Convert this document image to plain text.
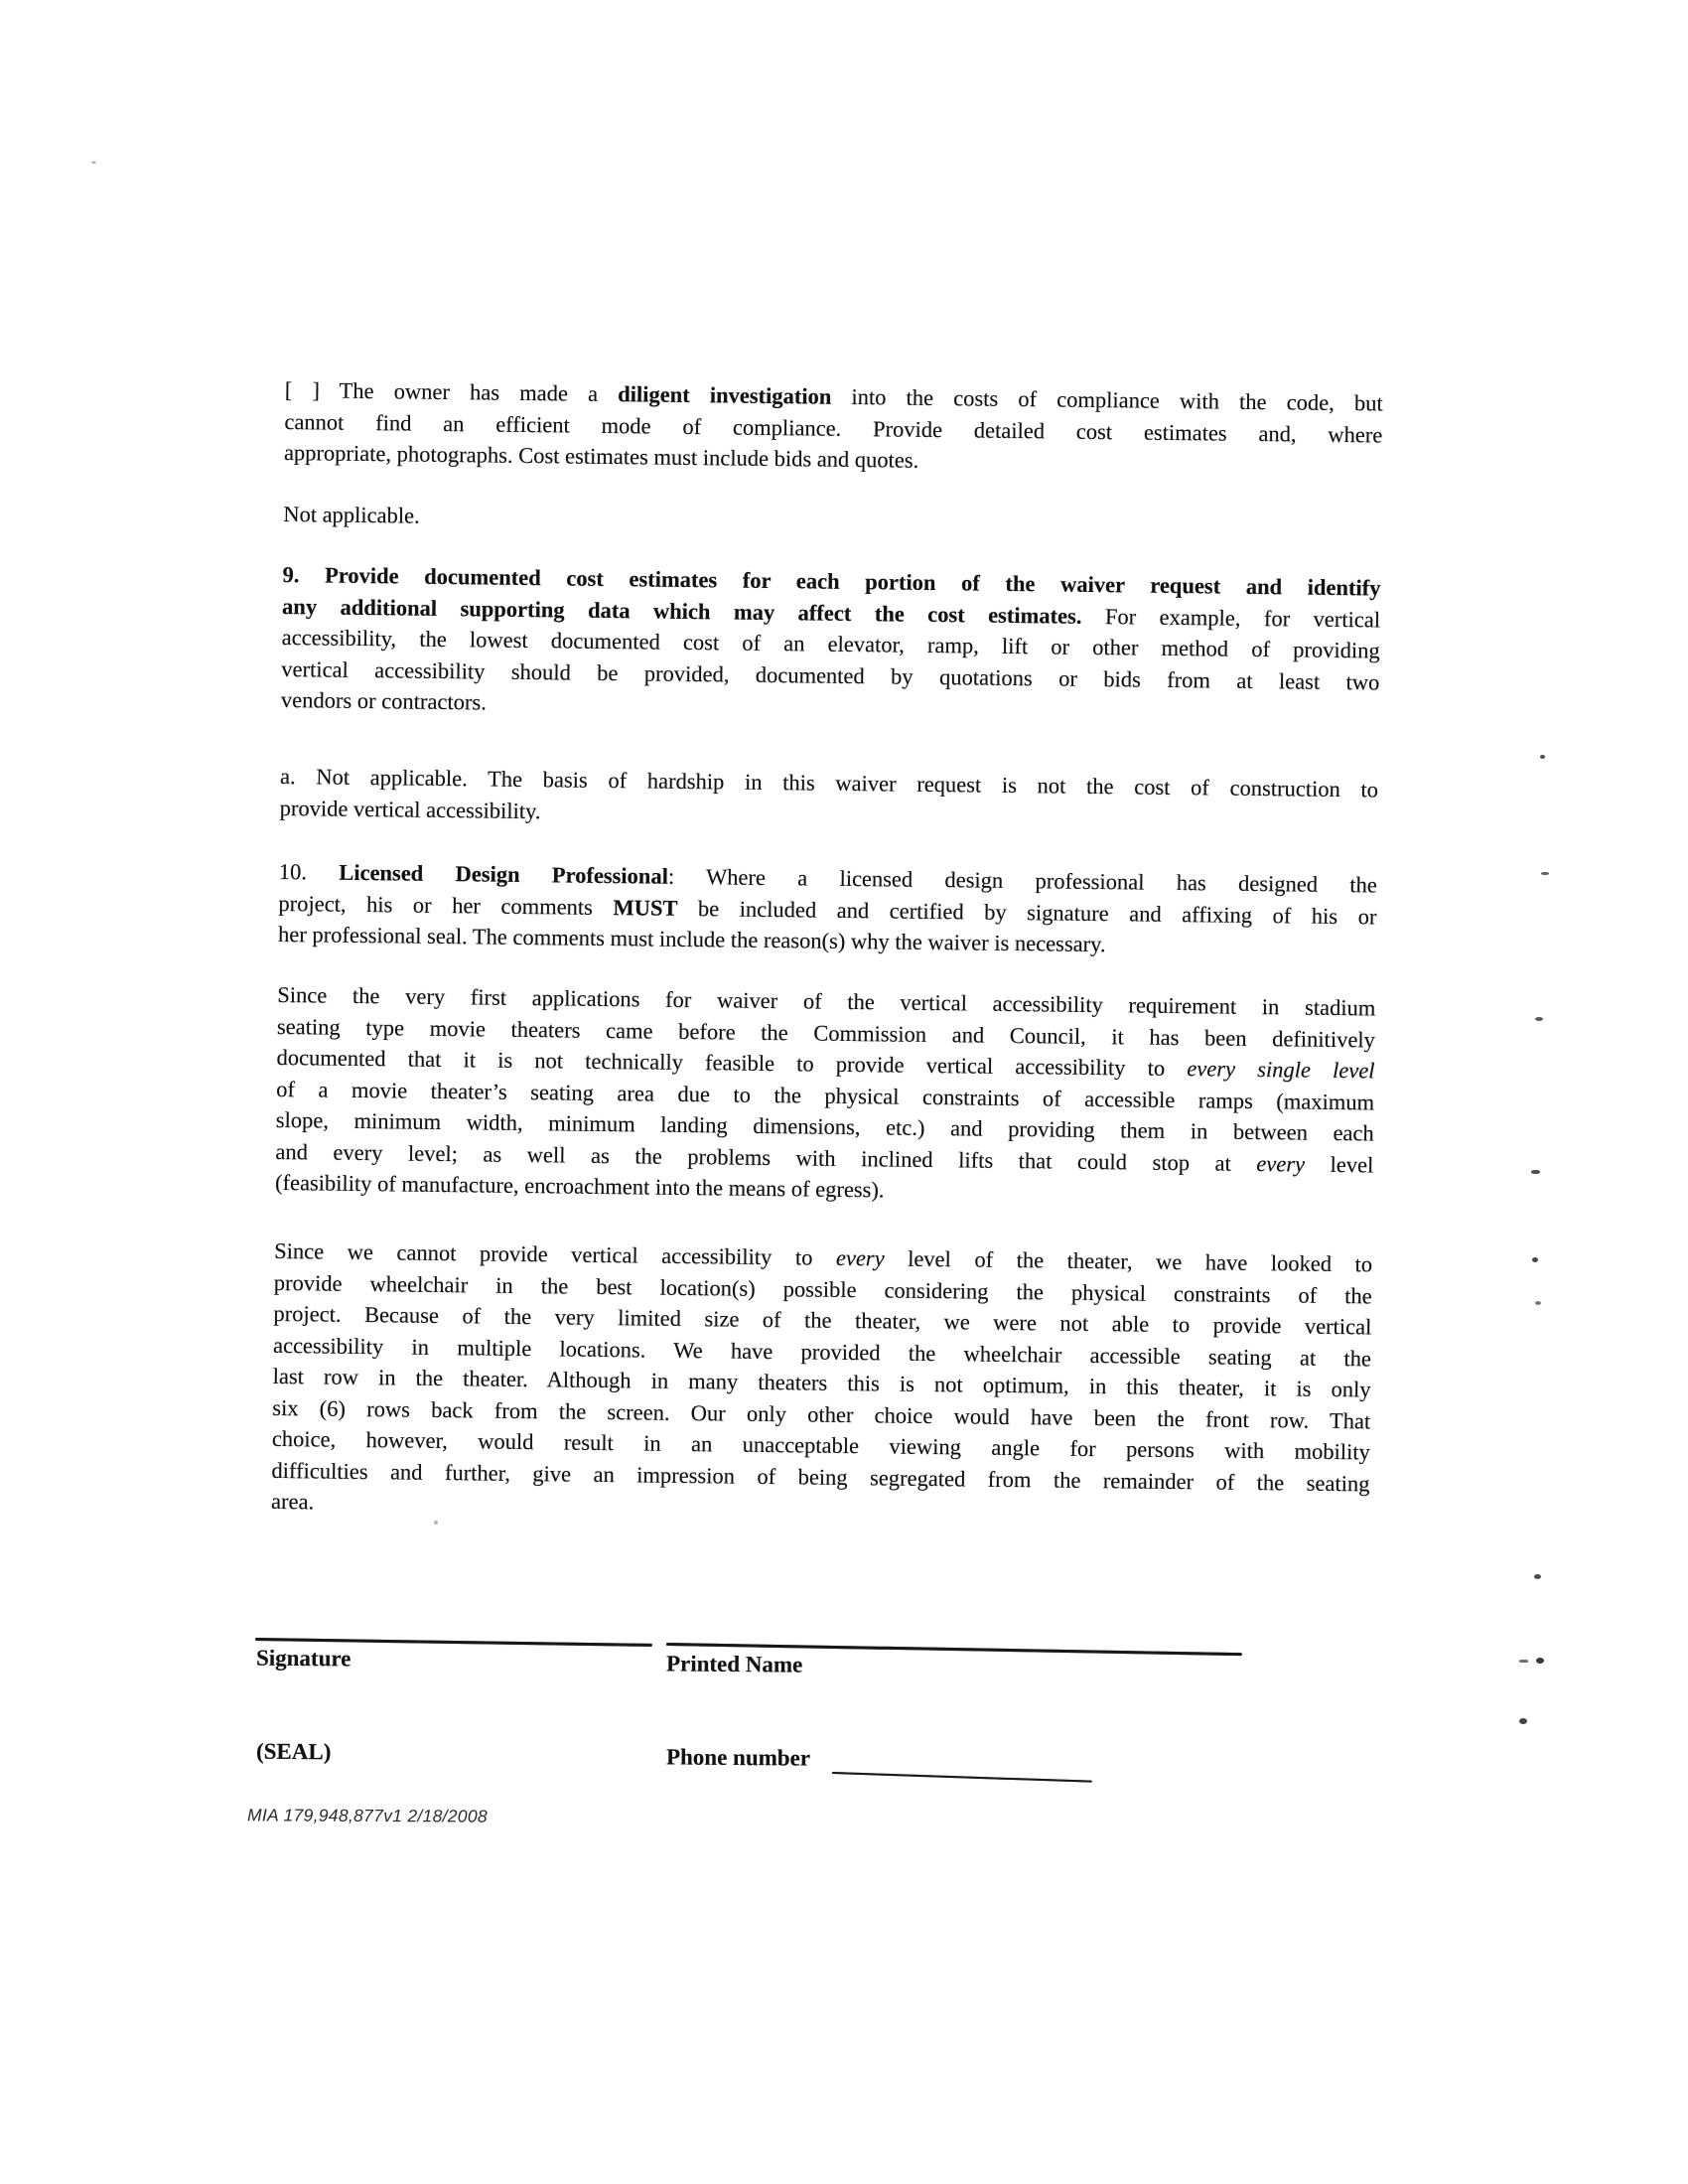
[ ] The owner has made a diligent investigation into the costs of compliance with the code, but
cannot find an efficient mode of compliance. Provide detailed cost estimates and, where
appropriate, photographs. Cost estimates must include bids and quotes.
Not applicable.
9. Provide documented cost estimates for each portion of the waiver request and identify
any additional supporting data which may affect the cost estimates. For example, for vertical
accessibility, the lowest documented cost of an elevator, ramp, lift or other method of providing
vertical accessibility should be provided, documented by quotations or bids from at least two
vendors or contractors.
a. Not applicable. The basis of hardship in this waiver request is not the cost of construction to
provide vertical accessibility.
10. Licensed Design Professional: Where a licensed design professional has designed the
project, his or her comments MUST be included and certified by signature and affixing of his or
her professional seal. The comments must include the reason(s) why the waiver is necessary.
Since the very first applications for waiver of the vertical accessibility requirement in stadium
seating type movie theaters came before the Commission and Council, it has been definitively
documented that it is not technically feasible to provide vertical accessibility to every single level
of a movie theater’s seating area due to the physical constraints of accessible ramps (maximum
slope, minimum width, minimum landing dimensions, etc.) and providing them in between each
and every level; as well as the problems with inclined lifts that could stop at every level
(feasibility of manufacture, encroachment into the means of egress).
Since we cannot provide vertical accessibility to every level of the theater, we have looked to
provide wheelchair in the best location(s) possible considering the physical constraints of the
project. Because of the very limited size of the theater, we were not able to provide vertical
accessibility in multiple locations. We have provided the wheelchair accessible seating at the
last row in the theater. Although in many theaters this is not optimum, in this theater, it is only
six (6) rows back from the screen. Our only other choice would have been the front row. That
choice, however, would result in an unacceptable viewing angle for persons with mobility
difficulties and further, give an impression of being segregated from the remainder of the seating
area.
Signature	Printed Name
(SEAL)	Phone number
MIA 179,948,877v1 2/18/2008
